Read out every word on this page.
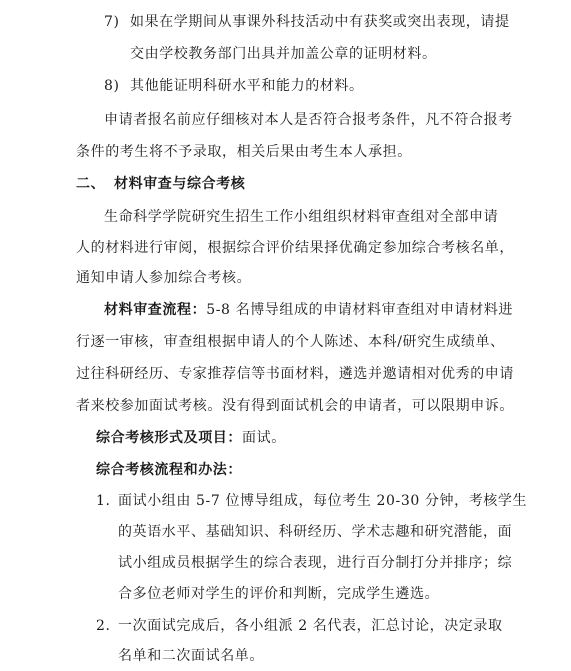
7) 如果在学期间从事课外科技活动中有获奖或突出表现，请提
交由学校教务部门出具并加盖公章的证明材料。
8) 其他能证明科研水平和能力的材料。
申请者报名前应仔细核对本人是否符合报考条件，凡不符合报考
条件的考生将不予录取，相关后果由考生本人承担。
二、 材料审查与综合考核
生命科学学院研究生招生工作小组组织材料审查组对全部申请
人的材料进行审阅，根据综合评价结果择优确定参加综合考核名单，
通知申请人参加综合考核。
材料审查流程：5-8 名博导组成的申请材料审查组对申请材料进
行逐一审核，审查组根据申请人的个人陈述、本科/研究生成绩单、
过往科研经历、专家推荐信等书面材料，遴选并邀请相对优秀的申请
者来校参加面试考核。没有得到面试机会的申请者，可以限期申诉。
综合考核形式及项目：面试。
综合考核流程和办法：
1. 面试小组由 5-7 位博导组成，每位考生 20-30 分钟，考核学生
的英语水平、基础知识、科研经历、学术志趣和研究潜能，面
试小组成员根据学生的综合表现，进行百分制打分并排序；综
合多位老师对学生的评价和判断，完成学生遴选。
2. 一次面试完成后，各小组派 2 名代表，汇总讨论，决定录取
名单和二次面试名单。
